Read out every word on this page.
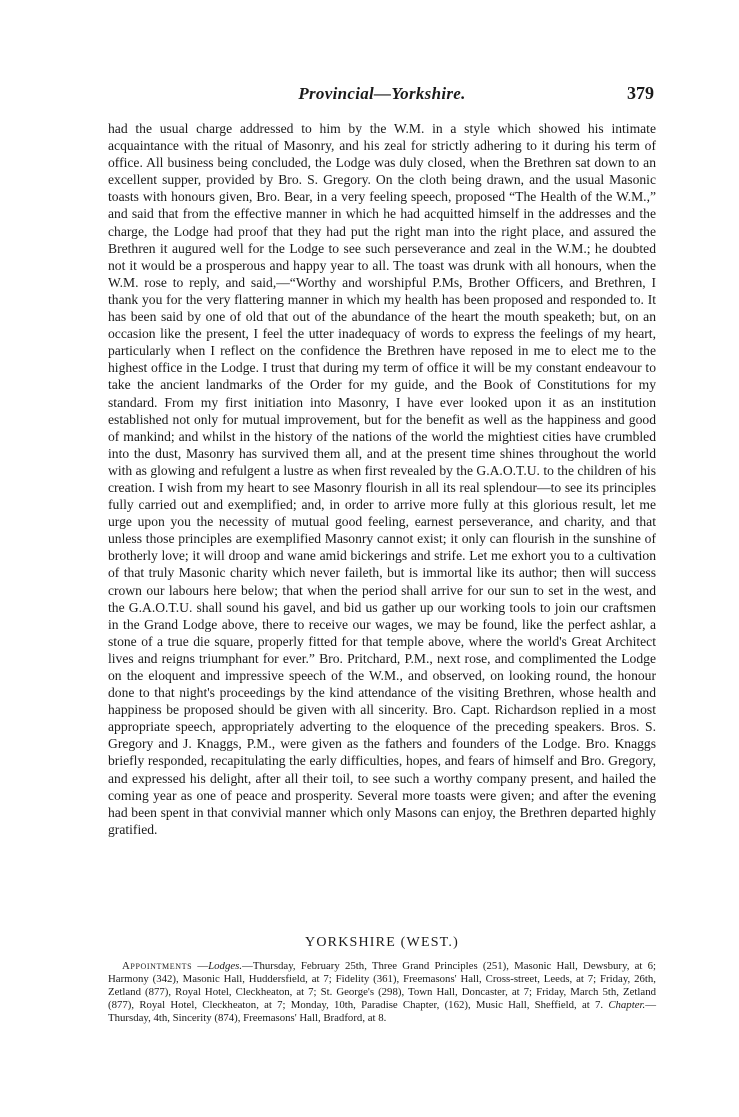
Provincial—Yorkshire.	379

had the usual charge addressed to him by the W.M. in a style which showed his intimate acquaintance with the ritual of Masonry, and his zeal for strictly adhering to it during his term of office. All business being concluded, the Lodge was duly closed, when the Brethren sat down to an excellent supper, provided by Bro. S. Gregory. On the cloth being drawn, and the usual Masonic toasts with honours given, Bro. Bear, in a very feeling speech, proposed “The Health of the W.M.,” and said that from the effective manner in which he had acquitted himself in the addresses and the charge, the Lodge had proof that they had put the right man into the right place, and assured the Brethren it augured well for the Lodge to see such perseverance and zeal in the W.M.; he doubted not it would be a prosperous and happy year to all. The toast was drunk with all honours, when the W.M. rose to reply, and said,—“Worthy and worshipful P.Ms, Brother Officers, and Brethren, I thank you for the very flattering manner in which my health has been proposed and responded to. It has been said by one of old that out of the abundance of the heart the mouth speaketh; but, on an occasion like the present, I feel the utter inadequacy of words to express the feelings of my heart, particularly when I reflect on the confidence the Brethren have reposed in me to elect me to the highest office in the Lodge. I trust that during my term of office it will be my constant endeavour to take the ancient landmarks of the Order for my guide, and the Book of Constitutions for my standard. From my first initiation into Masonry, I have ever looked upon it as an institution established not only for mutual improvement, but for the benefit as well as the happiness and good of mankind; and whilst in the history of the nations of the world the mightiest cities have crumbled into the dust, Masonry has survived them all, and at the present time shines throughout the world with as glowing and refulgent a lustre as when first revealed by the G.A.O.T.U. to the children of his creation. I wish from my heart to see Masonry flourish in all its real splendour—to see its principles fully carried out and exemplified; and, in order to arrive more fully at this glorious result, let me urge upon you the necessity of mutual good feeling, earnest perseverance, and charity, and that unless those principles are exemplified Masonry cannot exist; it only can flourish in the sunshine of brotherly love; it will droop and wane amid bickerings and strife. Let me exhort you to a cultivation of that truly Masonic charity which never faileth, but is immortal like its author; then will success crown our labours here below; that when the period shall arrive for our sun to set in the west, and the G.A.O.T.U. shall sound his gavel, and bid us gather up our working tools to join our craftsmen in the Grand Lodge above, there to receive our wages, we may be found, like the perfect ashlar, a stone of a true die square, properly fitted for that temple above, where the world's Great Architect lives and reigns triumphant for ever.” Bro. Pritchard, P.M., next rose, and complimented the Lodge on the eloquent and impressive speech of the W.M., and observed, on looking round, the honour done to that night's proceedings by the kind attendance of the visiting Brethren, whose health and happiness be proposed should be given with all sincerity. Bro. Capt. Richardson replied in a most appropriate speech, appropriately adverting to the eloquence of the preceding speakers. Bros. S. Gregory and J. Knaggs, P.M., were given as the fathers and founders of the Lodge. Bro. Knaggs briefly responded, recapitulating the early difficulties, hopes, and fears of himself and Bro. Gregory, and expressed his delight, after all their toil, to see such a worthy company present, and hailed the coming year as one of peace and prosperity. Several more toasts were given; and after the evening had been spent in that convivial manner which only Masons can enjoy, the Brethren departed highly gratified.

YORKSHIRE (WEST.)

Appointments —Lodges.—Thursday, February 25th, Three Grand Principles (251), Masonic Hall, Dewsbury, at 6; Harmony (342), Masonic Hall, Huddersfield, at 7; Fidelity (361), Freemasons' Hall, Cross-street, Leeds, at 7; Friday, 26th, Zetland (877), Royal Hotel, Cleckheaton, at 7; St. George's (298), Town Hall, Doncaster, at 7; Friday, March 5th, Zetland (877), Royal Hotel, Cleckheaton, at 7; Monday, 10th, Paradise Chapter, (162), Music Hall, Sheffield, at 7. Chapter.—Thursday, 4th, Sincerity (874), Freemasons' Hall, Bradford, at 8.
